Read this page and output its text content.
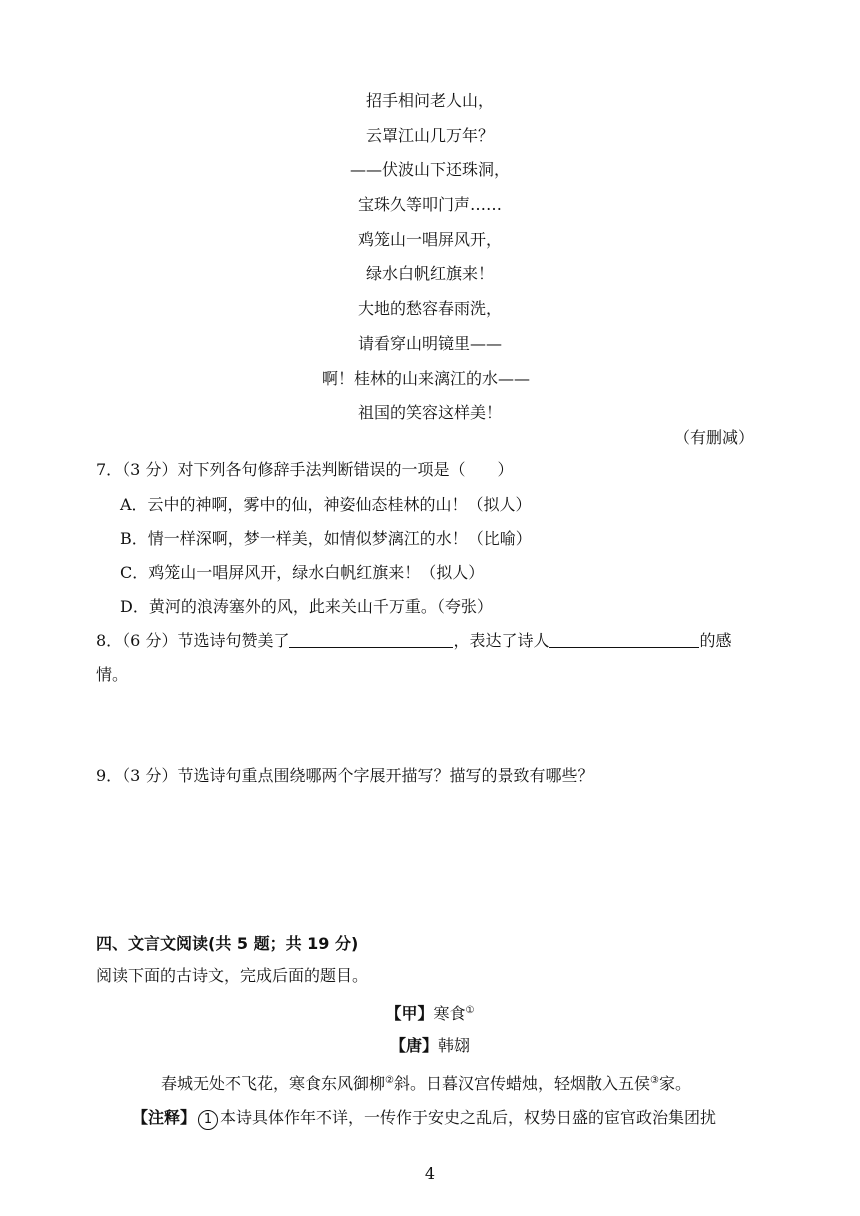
招手相问老人山，
云罩江山几万年？
——伏波山下还珠洞，
宝珠久等叩门声……
鸡笼山一唱屏风开，
绿水白帆红旗来！
大地的愁容春雨洗，
请看穿山明镜里——
啊！桂林的山来漓江的水——
祖国的笑容这样美！
（有删减）
7．（3 分）对下列各句修辞手法判断错误的一项是（　　）
A．云中的神啊，雾中的仙，神姿仙态桂林的山！（拟人）
B．情一样深啊，梦一样美，如情似梦漓江的水！（比喻）
C．鸡笼山一唱屏风开，绿水白帆红旗来！（拟人）
D．黄河的浪涛塞外的风，此来关山千万重。（夸张）
8．（6 分）节选诗句赞美了	，表达了诗人	的感
情。
9．（3 分）节选诗句重点围绕哪两个字展开描写？描写的景致有哪些？
四、文言文阅读(共 5 题；共 19 分)
阅读下面的古诗文，完成后面的题目。
【甲】寒食①
【唐】韩翃
春城无处不飞花，寒食东风御柳②斜。日暮汉宫传蜡烛，轻烟散入五侯③家。
【注释】 1 本诗具体作年不详，一传作于安史之乱后，权势日盛的宦官政治集团扰
4
